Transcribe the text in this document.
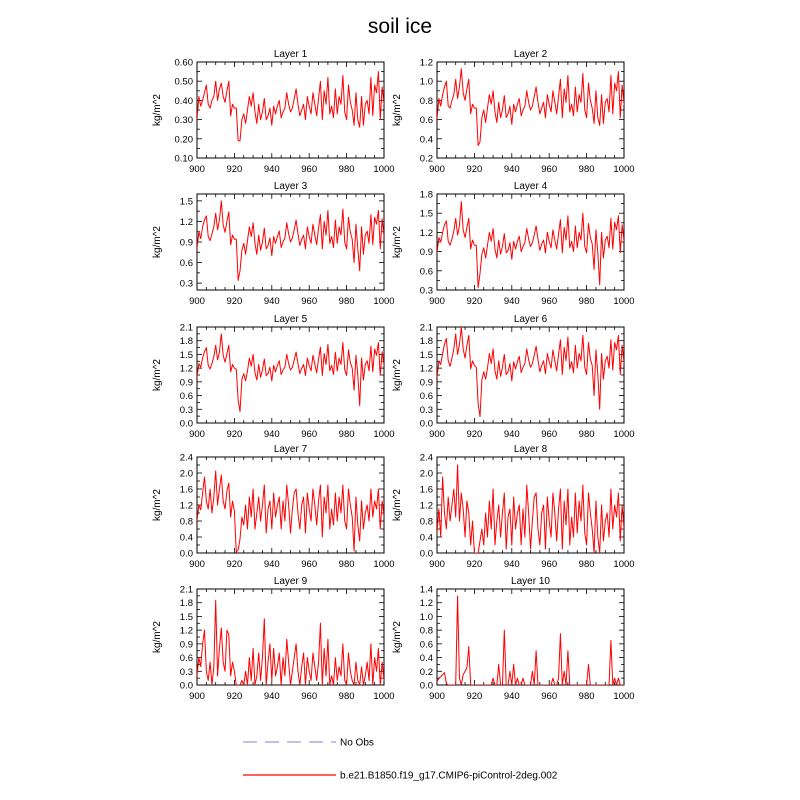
soil ice
Layer 1
900 920 940 960 980 1000
0.10
0.20
0.30
0.40
0.50
0.60
kg/m^2
Layer 2
900 920 940 960 980 1000
0.2
0.4
0.6
0.8
1.0
1.2
kg/m^2
Layer 3
900 920 940 960 980 1000
0.3
0.6
0.9
1.2
1.5
kg/m^2
Layer 4
900 920 940 960 980 1000
0.3
0.6
0.9
1.2
1.5
1.8
kg/m^2
Layer 5
900 920 940 960 980 1000
0.0
0.3
0.6
0.9
1.2
1.5
1.8
2.1
kg/m^2
Layer 6
900 920 940 960 980 1000
0.0
0.3
0.6
0.9
1.2
1.5
1.8
2.1
kg/m^2
Layer 7
900 920 940 960 980 1000
0.0
0.4
0.8
1.2
1.6
2.0
2.4
kg/m^2
Layer 8
900 920 940 960 980 1000
0.0
0.4
0.8
1.2
1.6
2.0
2.4
kg/m^2
Layer 9
900 920 940 960 980 1000
0.0
0.3
0.6
0.9
1.2
1.5
1.8
2.1
kg/m^2
Layer 10
900 920 940 960 980 1000
0.0
0.2
0.4
0.6
0.8
1.0
1.2
1.4
kg/m^2
No Obs
b.e21.B1850.f19_g17.CMIP6-piControl-2deg.002
